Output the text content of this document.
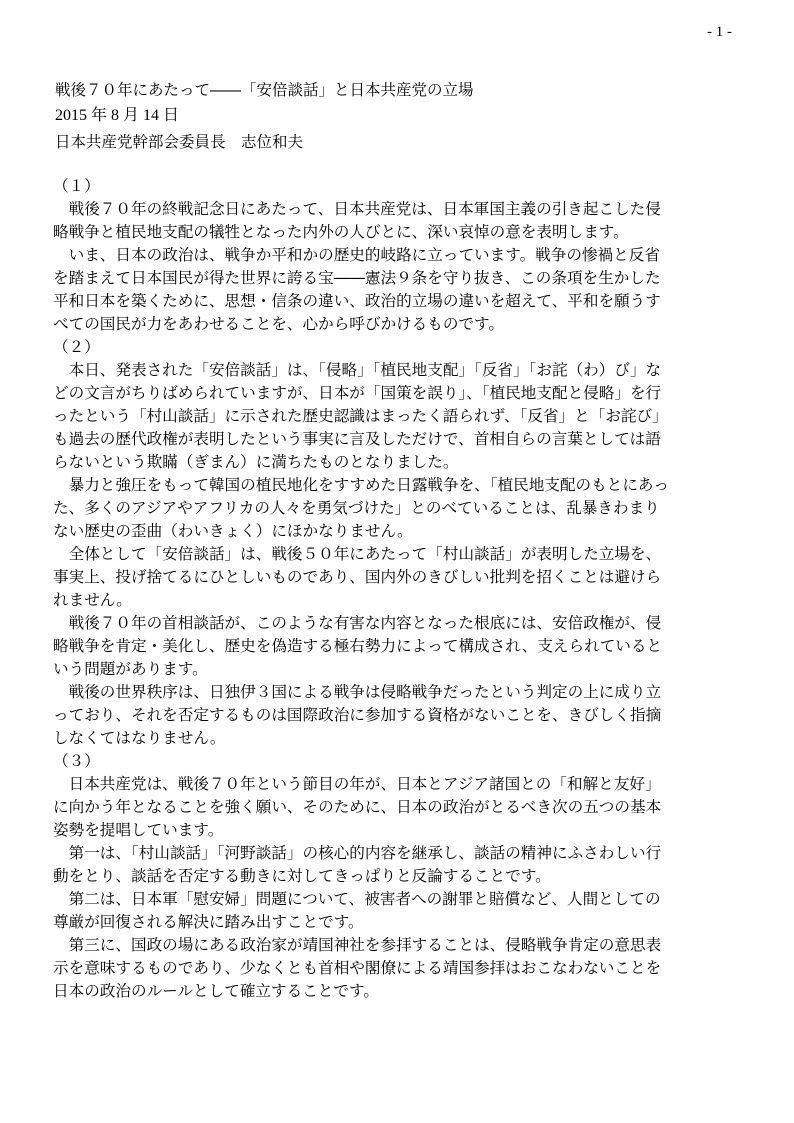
- 1 -
戦後７０年にあたって――「安倍談話」と日本共産党の立場
2015 年 8 月 14 日
日本共産党幹部会委員長　志位和夫
（１）
　戦後７０年の終戦記念日にあたって、日本共産党は、日本軍国主義の引き起こした侵
略戦争と植民地支配の犠牲となった内外の人びとに、深い哀悼の意を表明します。
　いま、日本の政治は、戦争か平和かの歴史的岐路に立っています。戦争の惨禍と反省
を踏まえて日本国民が得た世界に誇る宝――憲法９条を守り抜き、この条項を生かした
平和日本を築くために、思想・信条の違い、政治的立場の違いを超えて、平和を願うす
べての国民が力をあわせることを、心から呼びかけるものです。
（２）
　本日、発表された「安倍談話」は、「侵略」「植民地支配」「反省」「お詫（わ）び」な
どの文言がちりばめられていますが、日本が「国策を誤り」、「植民地支配と侵略」を行
ったという「村山談話」に示された歴史認識はまったく語られず、「反省」と「お詫び」
も過去の歴代政権が表明したという事実に言及しただけで、首相自らの言葉としては語
らないという欺瞞（ぎまん）に満ちたものとなりました。
　暴力と強圧をもって韓国の植民地化をすすめた日露戦争を、「植民地支配のもとにあっ
た、多くのアジアやアフリカの人々を勇気づけた」とのべていることは、乱暴きわまり
ない歴史の歪曲（わいきょく）にほかなりません。
　全体として「安倍談話」は、戦後５０年にあたって「村山談話」が表明した立場を、
事実上、投げ捨てるにひとしいものであり、国内外のきびしい批判を招くことは避けら
れません。
　戦後７０年の首相談話が、このような有害な内容となった根底には、安倍政権が、侵
略戦争を肯定・美化し、歴史を偽造する極右勢力によって構成され、支えられていると
いう問題があります。
　戦後の世界秩序は、日独伊３国による戦争は侵略戦争だったという判定の上に成り立
っており、それを否定するものは国際政治に参加する資格がないことを、きびしく指摘
しなくてはなりません。
（３）
　日本共産党は、戦後７０年という節目の年が、日本とアジア諸国との「和解と友好」
に向かう年となることを強く願い、そのために、日本の政治がとるべき次の五つの基本
姿勢を提唱しています。
　第一は、「村山談話」「河野談話」の核心的内容を継承し、談話の精神にふさわしい行
動をとり、談話を否定する動きに対してきっぱりと反論することです。
　第二は、日本軍「慰安婦」問題について、被害者への謝罪と賠償など、人間としての
尊厳が回復される解決に踏み出すことです。
　第三に、国政の場にある政治家が靖国神社を参拝することは、侵略戦争肯定の意思表
示を意味するものであり、少なくとも首相や閣僚による靖国参拝はおこなわないことを
日本の政治のルールとして確立することです。
